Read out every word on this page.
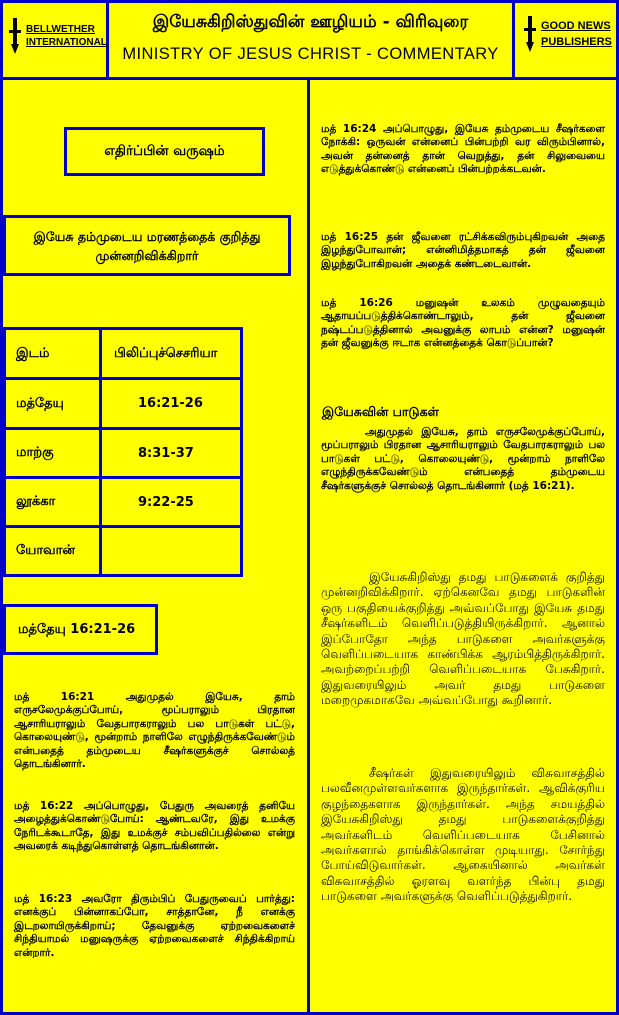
BELLWETHER
INTERNATIONAL
GOOD NEWS
PUBLISHERS
இயேசுகிறிஸ்துவின் ஊழியம் - விரிவுரை
MINISTRY OF JESUS CHRIST - COMMENTARY
எதிர்ப்பின் வருஷம்
இயேசு தம்முடைய மரணத்தைக் குறித்து முன்னறிவிக்கிறார்
இடம்	பிலிப்புச்செசரியா
மத்தேயு	16:21-26
மாற்கு	8:31-37
லூக்கா	9:22-25
யோவான்	
மத்தேயு 16:21-26
மத் 16:21 அதுமுதல் இயேசு, தாம் எருசலேமுக்குப்போய், மூப்பராலும் பிரதான ஆசாரியராலும் வேதபாரகராலும் பல பாடுகள் பட்டு, கொலையுண்டு, மூன்றாம் நாளிலே எழுந்திருக்கவேண்டும் என்பதைத் தம்முடைய சீஷர்களுக்குச் சொல்லத் தொடங்கினார்.
மத் 16:22 அப்பொழுது, பேதுரு அவரைத் தனியே அழைத்துக்கொண்டுபோய்: ஆண்டவரே, இது உமக்கு நேரிடக்கூடாதே, இது உமக்குச் சம்பவிப்பதில்லை என்று அவரைக் கடிந்துகொள்ளத் தொடங்கினான்.
மத் 16:23 அவரோ திரும்பிப் பேதுருவைப் பார்த்து: எனக்குப் பின்னாகப்போ, சாத்தானே, நீ எனக்கு இடறலாயிருக்கிறாய்; தேவனுக்கு ஏற்றவைகளைச் சிந்தியாமல் மனுஷருக்கு ஏற்றவைகளைச் சிந்திக்கிறாய் என்றார்.
மத் 16:24 அப்பொழுது, இயேசு தம்முடைய சீஷர்களை நோக்கி: ஒருவன் என்னைப் பின்பற்றி வர விரும்பினால், அவன் தன்னைத் தான் வெறுத்து, தன் சிலுவையை எடுத்துக்கொண்டு என்னைப் பின்பற்றக்கடவன்.
மத் 16:25 தன் ஜீவனை ரட்சிக்கவிரும்புகிறவன் அதை இழந்துபோவான்; என்னிமித்தமாகத் தன் ஜீவனை இழந்துபோகிறவன் அதைக் கண்டடைவான்.
மத் 16:26 மனுஷன் உலகம் முழுவதையும் ஆதாயப்படுத்திக்கொண்டாலும், தன் ஜீவனை நஷ்டப்படுத்தினால் அவனுக்கு லாபம் என்ன? மனுஷன் தன் ஜீவனுக்கு ஈடாக என்னத்தைக் கொடுப்பான்?
இயேசுவின் பாடுகள்
அதுமுதல் இயேசு, தாம் எருசலேமுக்குப்போய், மூப்பராலும் பிரதான ஆசாரியராலும் வேதபாரகராலும் பல பாடுகள் பட்டு, கொலையுண்டு, மூன்றாம் நாளிலே எழுந்திருக்கவேண்டும் என்பதைத் தம்முடைய சீஷர்களுக்குச் சொல்லத் தொடங்கினார் (மத் 16:21).
இயேசுகிறிஸ்து தமது பாடுகளைக் குறித்து முன்னறிவிக்கிறார். ஏற்கெனவே தமது பாடுகளின் ஒரு பகுதியைக்குறித்து அவ்வப்போது இயேசு தமது சீஷர்களிடம் வெளிப்படுத்தியிருக்கிறார். ஆனால் இப்போதோ அந்த பாடுகளை அவர்களுக்கு வெளிப்படையாக காண்பிக்க ஆரம்பித்திருக்கிறார். அவற்றைப்பற்றி வெளிப்படையாக பேசுகிறார். இதுவரையிலும் அவர் தமது பாடுகளை மறைமுகமாகவே அவ்வப்போது கூறினார்.
சீஷர்கள் இதுவரையிலும் விசுவாசத்தில் பலவீனமுள்ளவர்களாக இருந்தார்கள். ஆவிக்குரிய குழந்தைகளாக இருந்தார்கள். அந்த சமயத்தில் இயேசுகிறிஸ்து தமது பாடுகளைக்குறித்து அவர்களிடம் வெளிப்படையாக பேசினால் அவர்களால் தாங்கிக்கொள்ள முடியாது. சோர்ந்து போய்விடுவார்கள். ஆகையினால் அவர்கள் விசுவாசத்தில் ஓரளவு வளர்ந்த பின்பு தமது பாடுகளை அவர்களுக்கு வெளிப்படுத்துகிறார்.
